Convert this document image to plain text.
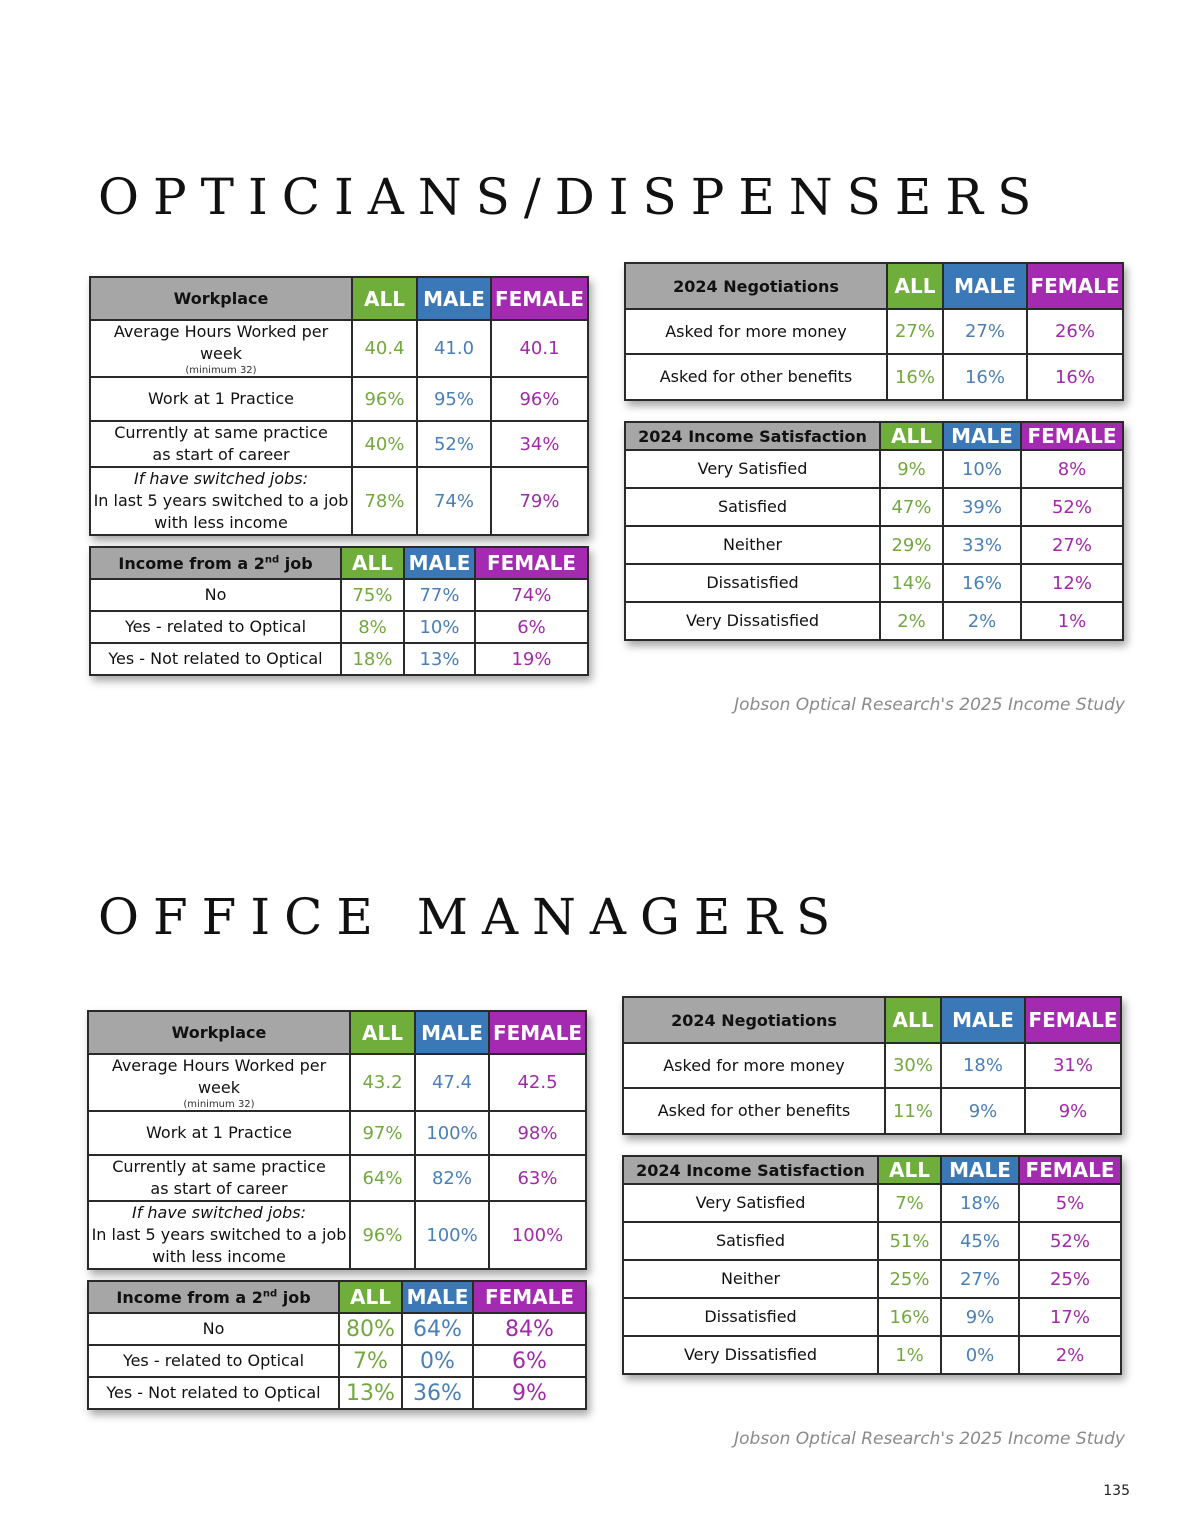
OPTICIANS/DISPENSERS
Workplace	ALL	MALE	FEMALE
Average Hours Worked per week
(minimum 32)	40.4	41.0	40.1
Work at 1 Practice	96%	95%	96%
Currently at same practice
as start of career	40%	52%	34%
If have switched jobs:
In last 5 years switched to a job
with less income	78%	74%	79%
Income from a 2nd job	ALL	MALE	FEMALE
No	75%	77%	74%
Yes - related to Optical	8%	10%	6%
Yes - Not related to Optical	18%	13%	19%
2024 Negotiations	ALL	MALE	FEMALE
Asked for more money	27%	27%	26%
Asked for other benefits	16%	16%	16%
2024 Income Satisfaction	ALL	MALE	FEMALE
Very Satisfied	9%	10%	8%
Satisfied	47%	39%	52%
Neither	29%	33%	27%
Dissatisfied	14%	16%	12%
Very Dissatisfied	2%	2%	1%
Jobson Optical Research's 2025 Income Study
OFFICE MANAGERS
Workplace	ALL	MALE	FEMALE
Average Hours Worked per week
(minimum 32)	43.2	47.4	42.5
Work at 1 Practice	97%	100%	98%
Currently at same practice
as start of career	64%	82%	63%
If have switched jobs:
In last 5 years switched to a job
with less income	96%	100%	100%
Income from a 2nd job	ALL	MALE	FEMALE
No	80%	64%	84%
Yes - related to Optical	7%	0%	6%
Yes - Not related to Optical	13%	36%	9%
2024 Negotiations	ALL	MALE	FEMALE
Asked for more money	30%	18%	31%
Asked for other benefits	11%	9%	9%
2024 Income Satisfaction	ALL	MALE	FEMALE
Very Satisfied	7%	18%	5%
Satisfied	51%	45%	52%
Neither	25%	27%	25%
Dissatisfied	16%	9%	17%
Very Dissatisfied	1%	0%	2%
Jobson Optical Research's 2025 Income Study
135
